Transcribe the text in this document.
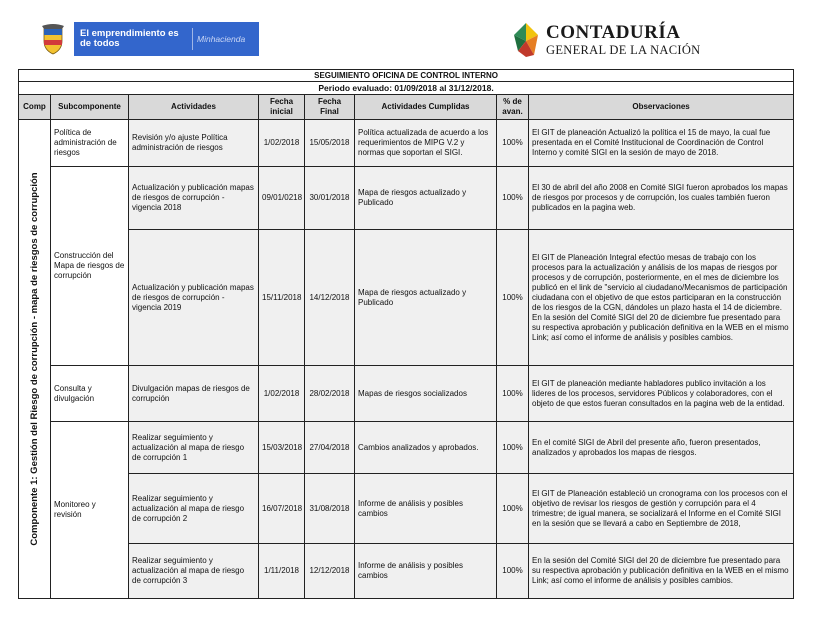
El emprendimiento es de todos	Minhacienda	CONTADURÍA
GENERAL DE LA NACIÓN
SEGUIMIENTO OFICINA DE CONTROL INTERNO							
Periodo evaluado: 01/09/2018 al 31/12/2018.							
Comp	Subcomponente	Actividades	Fecha inicial	Fecha Final	Actividades Cumplidas	% de avan.	Observaciones

Componente 1: Gestión del Riesgo de corrupción - mapa de riesgos de corrupción	Política de administración de riesgos	Revisión y/o ajuste Política administración de riesgos	1/02/2018	15/05/2018	Política actualizada de acuerdo a los requerimientos de MIPG V.2 y normas que soportan el SIGI.	100%	El GIT de planeación Actualizó la política el 15 de mayo, la cual fue presentada en el Comité Institucional de Coordinación de Control Interno y comité SIGI en la sesión de mayo de 2018.
	Construcción del Mapa de riesgos de corrupción	Actualización y publicación mapas de riesgos de corrupción - vigencia 2018	09/01/0218	30/01/2018	Mapa de riesgos actualizado y Publicado	100%	El 30 de abril del año 2008 en Comité SIGI fueron aprobados los mapas de riesgos por procesos y de corrupción, los cuales también fueron publicados en la pagina web.
		Actualización y publicación mapas de riesgos de corrupción - vigencia 2019	15/11/2018	14/12/2018	Mapa de riesgos actualizado y Publicado	100%	El GIT de Planeación Integral efectúo mesas de trabajo con los procesos para la actualización y análisis de los mapas de riesgos por procesos y de corrupción, posteriormente, en el mes de diciembre los publicó en el link de "servicio al ciudadano/Mecanismos de participación ciudadana con el objetivo de que estos participaran en la construcción de los riesgos de la CGN, dándoles un plazo hasta el 14 de diciembre. En la sesión del Comité SIGI del 20 de diciembre fue presentado para su respectiva aprobación y publicación definitiva en la WEB en el mismo Link; así como el informe de análisis y posibles cambios.
	Consulta y divulgación	Divulgación mapas de riesgos de corrupción	1/02/2018	28/02/2018	Mapas de riesgos socializados	100%	El GIT de planeación mediante habladores publico invitación a los lideres de los procesos, servidores Públicos y colaboradores, con el objeto de que estos fueran consultados en la pagina web de la entidad.
	Monitoreo y revisión	Realizar seguimiento y actualización al mapa de riesgo de corrupción 1	15/03/2018	27/04/2018	Cambios analizados y aprobados.	100%	En el comité SIGI de Abril del presente año, fueron presentados, analizados y aprobados los mapas de riesgos.
		Realizar seguimiento y actualización al mapa de riesgo de corrupción 2	16/07/2018	31/08/2018	Informe de análisis y posibles cambios	100%	El GIT de Planeación estableció un cronograma con los procesos con el objetivo de revisar los riesgos de gestión y corrupción para el 4 trimestre; de igual manera, se socializará el Informe en el Comité SIGI en la sesión que se llevará a cabo en Septiembre de 2018,
		Realizar seguimiento y actualización al mapa de riesgo de corrupción 3	1/11/2018	12/12/2018	Informe de análisis y posibles cambios	100%	En la sesión del Comité SIGI del 20 de diciembre fue presentado para su respectiva aprobación y publicación definitiva en la WEB en el mismo Link; así como el informe de análisis y posibles cambios.
